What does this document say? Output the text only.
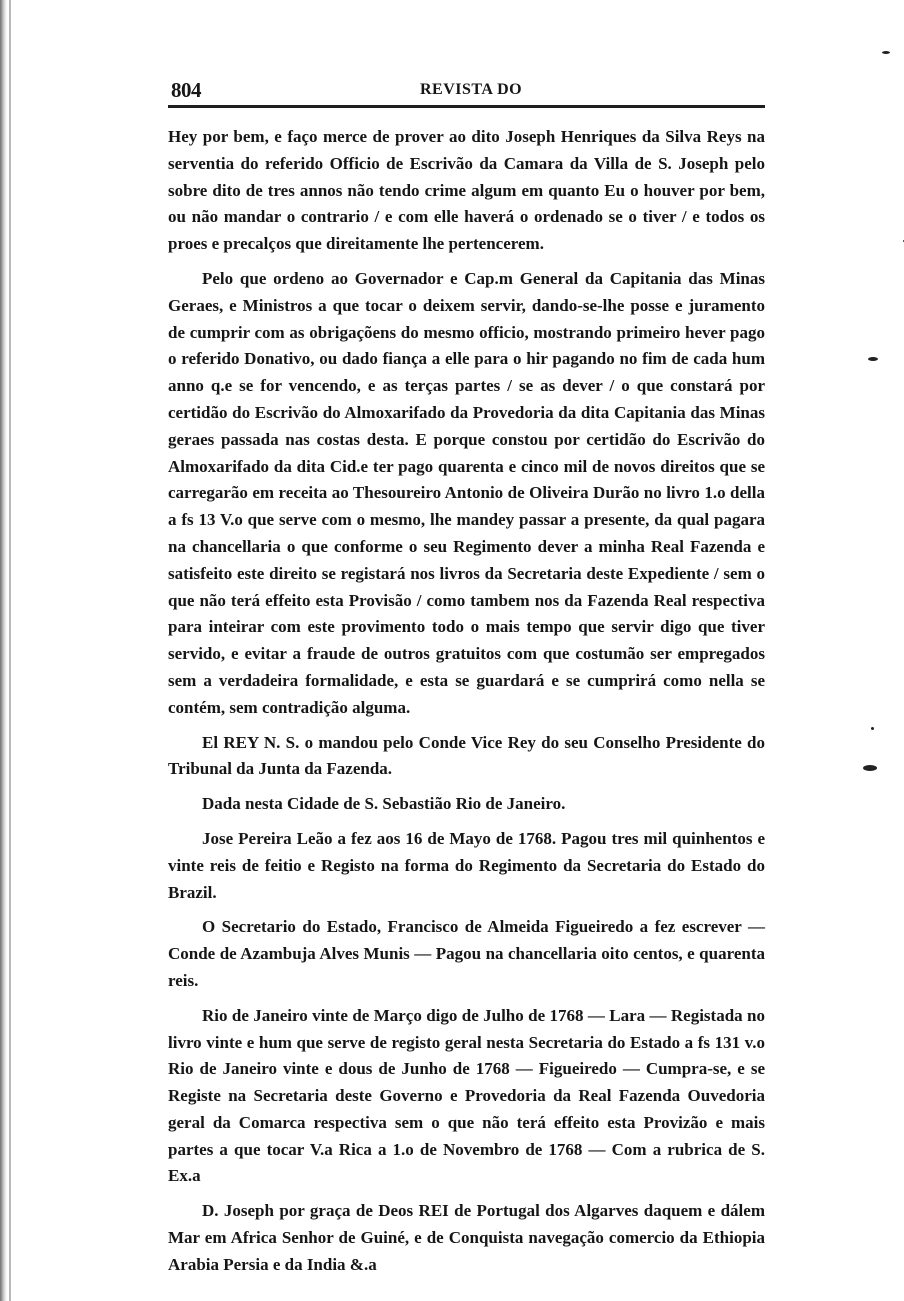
804	REVISTA DO

Hey por bem, e faço merce de prover ao dito Joseph Henriques da Silva Reys na serventia do referido Officio de Escrivão da Camara da Villa de S. Joseph pelo sobre dito de tres annos não tendo crime algum em quanto Eu o houver por bem, ou não mandar o contrario / e com elle haverá o ordenado se o tiver / e todos os proes e precalços que direitamente lhe pertencerem.

Pelo que ordeno ao Governador e Cap.m General da Capitania das Minas Geraes, e Ministros a que tocar o deixem servir, dando-se-lhe posse e juramento de cumprir com as obrigaçõens do mesmo officio, mostrando primeiro hever pago o referido Donativo, ou dado fiança a elle para o hir pagando no fim de cada hum anno q.e se for vencendo, e as terças partes / se as dever / o que constará por certidão do Escrivão do Almoxarifado da Provedoria da dita Capitania das Minas geraes passada nas costas desta. E porque constou por certidão do Escrivão do Almoxarifado da dita Cid.e ter pago quarenta e cinco mil de novos direitos que se carregarão em receita ao Thesoureiro Antonio de Oliveira Durão no livro 1.o della a fs 13 V.o que serve com o mesmo, lhe mandey passar a presente, da qual pagara na chancellaria o que conforme o seu Regimento dever a minha Real Fazenda e satisfeito este direito se registará nos livros da Secretaria deste Expediente / sem o que não terá effeito esta Provisão / como tambem nos da Fazenda Real respectiva para inteirar com este provimento todo o mais tempo que servir digo que tiver servido, e evitar a fraude de outros gratuitos com que costumão ser empregados sem a verdadeira formalidade, e esta se guardará e se cumprirá como nella se contém, sem contradição alguma.

El REY N. S. o mandou pelo Conde Vice Rey do seu Conselho Presidente do Tribunal da Junta da Fazenda.

Dada nesta Cidade de S. Sebastião Rio de Janeiro.

Jose Pereira Leão a fez aos 16 de Mayo de 1768. Pagou tres mil quinhentos e vinte reis de feitio e Registo na forma do Regimento da Secretaria do Estado do Brazil.

O Secretario do Estado, Francisco de Almeida Figueiredo a fez escrever — Conde de Azambuja Alves Munis — Pagou na chancellaria oito centos, e quarenta reis.

Rio de Janeiro vinte de Março digo de Julho de 1768 — Lara — Registada no livro vinte e hum que serve de registo geral nesta Secretaria do Estado a fs 131 v.o Rio de Janeiro vinte e dous de Junho de 1768 — Figueiredo — Cumpra-se, e se Registe na Secretaria deste Governo e Provedoria da Real Fazenda Ouvedoria geral da Comarca respectiva sem o que não terá effeito esta Provizão e mais partes a que tocar V.a Rica a 1.o de Novembro de 1768 — Com a rubrica de S. Ex.a

D. Joseph por graça de Deos REI de Portugal dos Algarves daquem e dálem Mar em Africa Senhor de Guiné, e de Conquista navegação comercio da Ethiopia Arabia Persia e da India &.a
